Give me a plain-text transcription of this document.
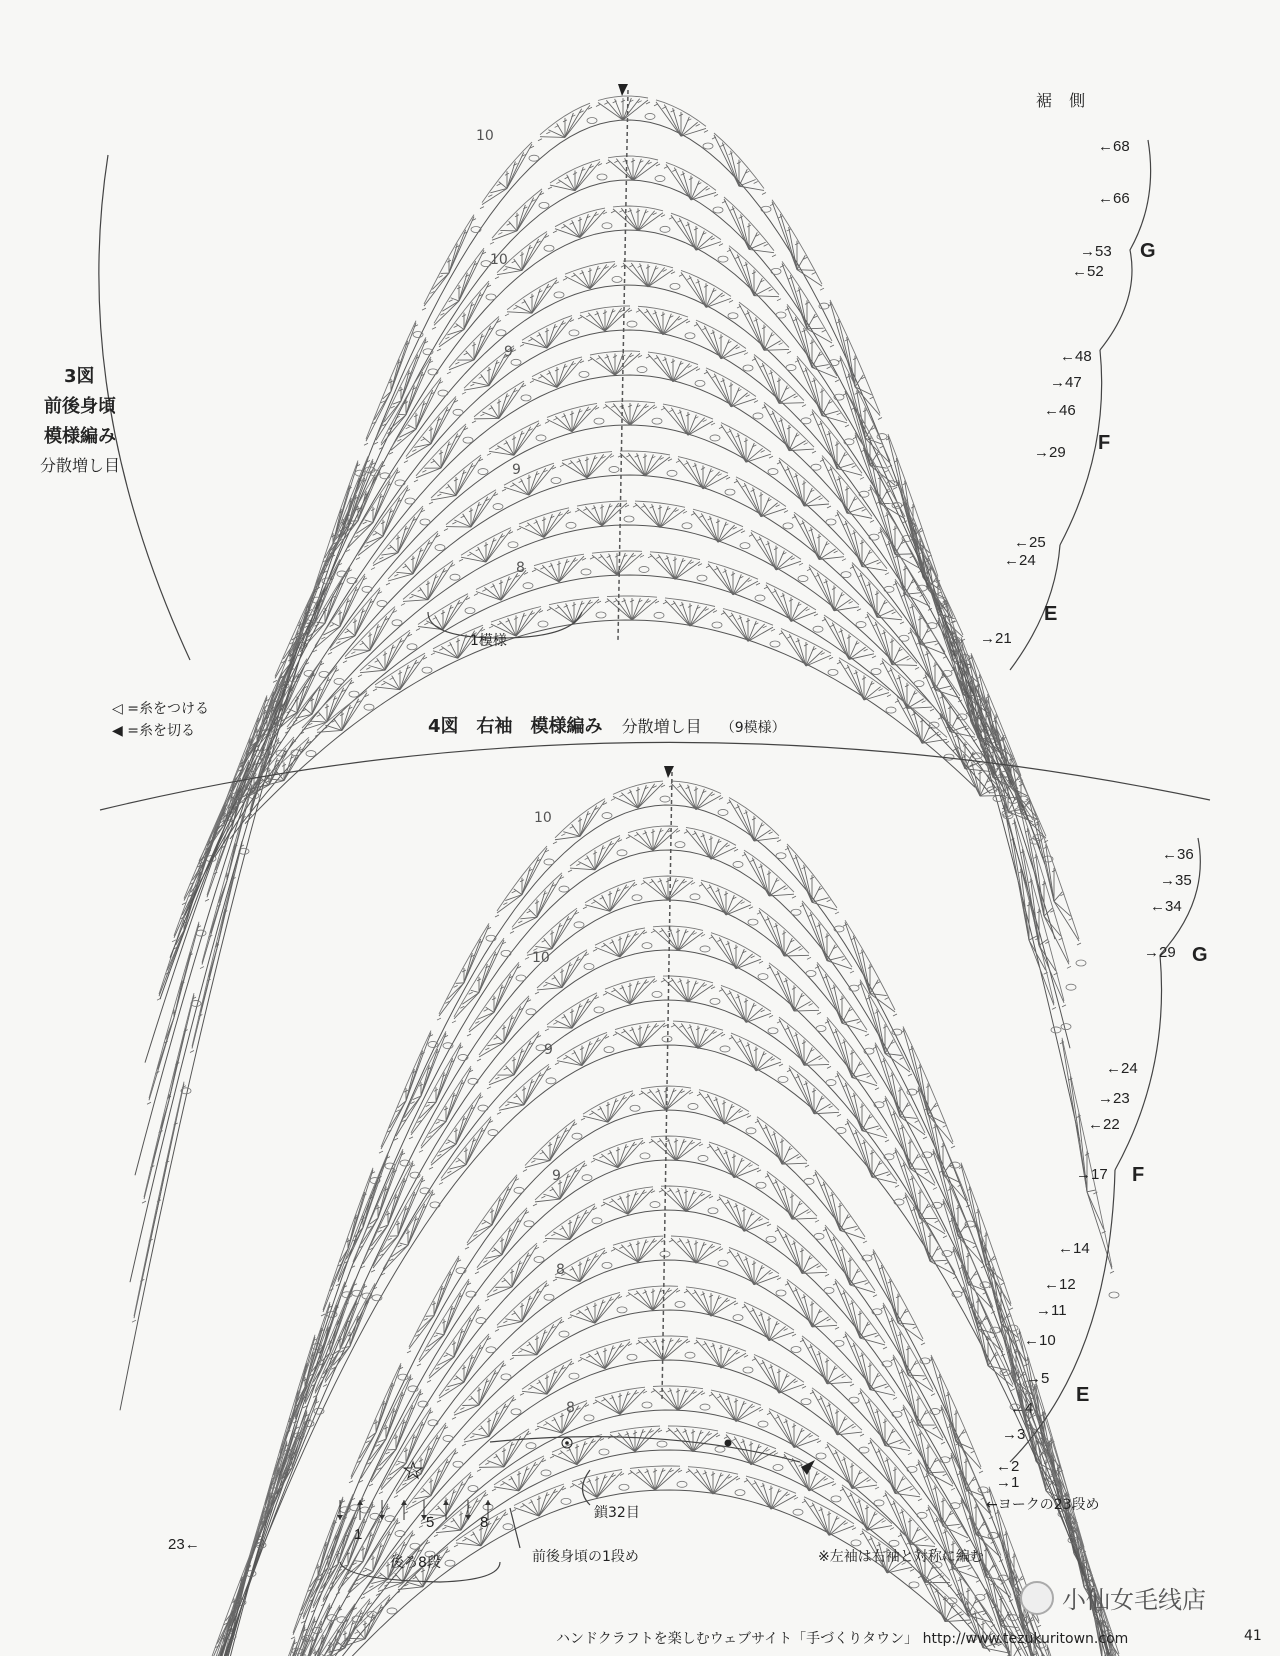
裾 側
3図
前後身頃
模様編み
分散増し目
1模様
G
F
E
←68
←66
→53
←52
←48
→47
←46
→29
←25
←24
→21
10
10
9
9
8
◁ =糸をつける
◀ =糸を切る	4図　右袖　模様編み 分散増し目 （9模様）
G
F
E
←36
→35
←34
→29
←24
→23
←22
→17
←14
←12
→11
←10
→5
←4
→3
←2
→1
←ヨークの23段め
10
10
9
9
8
8
鎖32目
23←
1
5	8
後ろ8段	前後身頃の1段め	※左袖は右袖と対称に編む
小仙女毛线店
ハンドクラフトを楽しむウェブサイト「手づくりタウン」 http://www.tezukuritown.com	41
